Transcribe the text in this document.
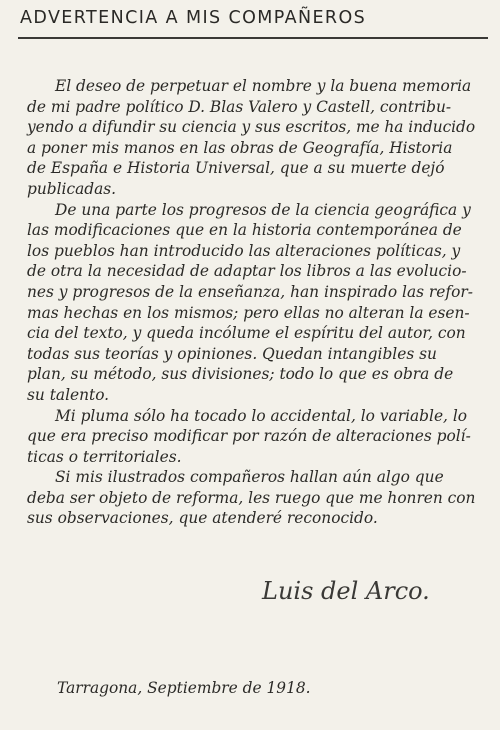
ADVERTENCIA A MIS COMPAÑEROS
El deseo de perpetuar el nombre y la buena memoria
de mi padre político D. Blas Valero y Castell, contribu-
yendo a difundir su ciencia y sus escritos, me ha inducido
a poner mis manos en las obras de Geografía, Historia
de España e Historia Universal, que a su muerte dejó
publicadas.
De una parte los progresos de la ciencia geográfica y
las modificaciones que en la historia contemporánea de
los pueblos han introducido las alteraciones políticas, y
de otra la necesidad de adaptar los libros a las evolucio-
nes y progresos de la enseñanza, han inspirado las refor-
mas hechas en los mismos; pero ellas no alteran la esen-
cia del texto, y queda incólume el espíritu del autor, con
todas sus teorías y opiniones. Quedan intangibles su
plan, su método, sus divisiones; todo lo que es obra de
su talento.
Mi pluma sólo ha tocado lo accidental, lo variable, lo
que era preciso modificar por razón de alteraciones polí-
ticas o territoriales.
Si mis ilustrados compañeros hallan aún algo que
deba ser objeto de reforma, les ruego que me honren con
sus observaciones, que atenderé reconocido.
Luis del Arco.
Tarragona, Septiembre de 1918.
